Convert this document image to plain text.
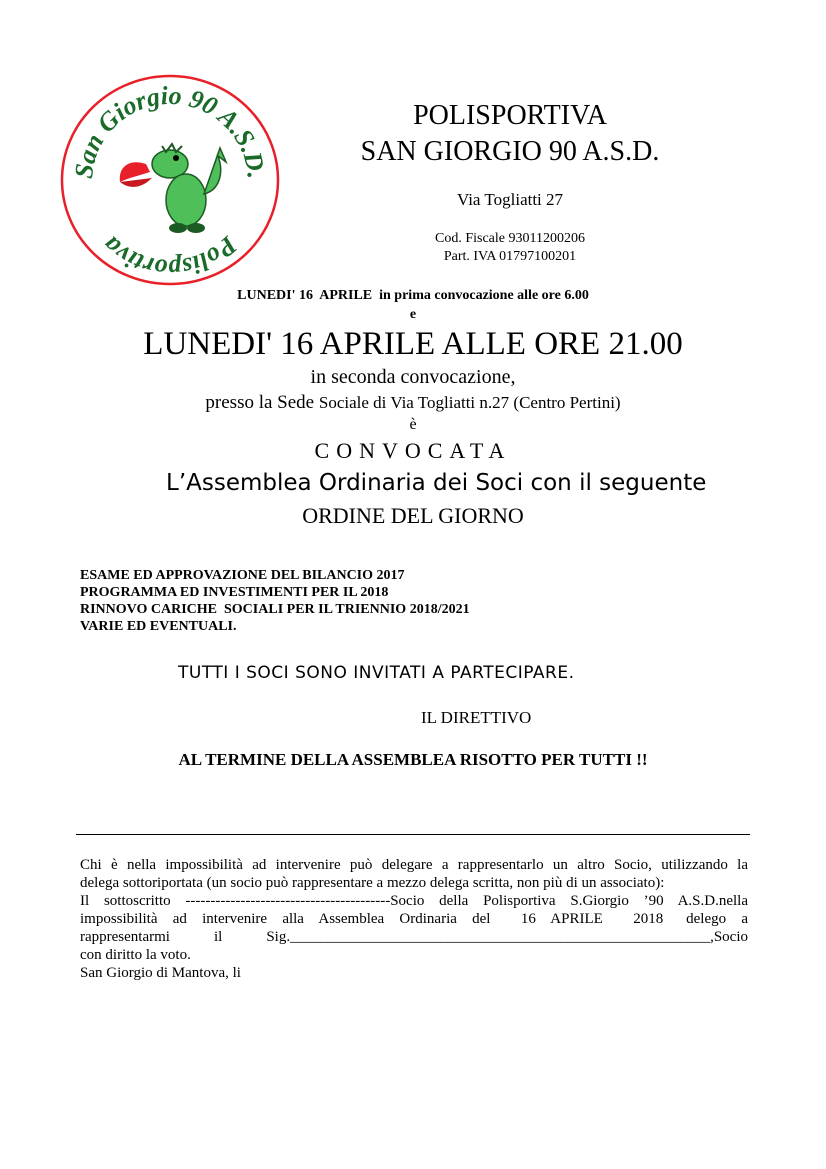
San Giorgio 90 A.S.D.
Polisportiva
POLISPORTIVA
SAN GIORGIO 90 A.S.D.
Via Togliatti 27
Cod. Fiscale 93011200206
Part. IVA 01797100201
LUNEDI' 16  APRILE  in prima convocazione alle ore 6.00
e
LUNEDI' 16 APRILE ALLE ORE 21.00
in seconda convocazione,
presso la Sede Sociale di Via Togliatti n.27 (Centro Pertini)
è
CONVOCATA
L’Assemblea Ordinaria dei Soci con il seguente
ORDINE DEL GIORNO
ESAME ED APPROVAZIONE DEL BILANCIO 2017
PROGRAMMA ED INVESTIMENTI PER IL 2018
RINNOVO CARICHE  SOCIALI PER IL TRIENNIO 2018/2021
VARIE ED EVENTUALI.
TUTTI I SOCI SONO INVITATI A PARTECIPARE.
IL DIRETTIVO
AL TERMINE DELLA ASSEMBLEA RISOTTO PER TUTTI !!
Chi è nella impossibilità ad intervenire può delegare a rappresentarlo un altro Socio, utilizzando la
delega sottoriportata (un socio può rappresentare a mezzo delega scritta, non più di un associato):
Il sottoscritto -----------------------------------------Socio della Polisportiva S.Giorgio ’90 A.S.D.nella
impossibilità  ad  intervenire  alla  Assemblea  Ordinaria  del    16  APRILE    2018   delego  a
rappresentarmi  il  Sig.________________________________________________________,Socio
con diritto la voto.
San Giorgio di Mantova, li
